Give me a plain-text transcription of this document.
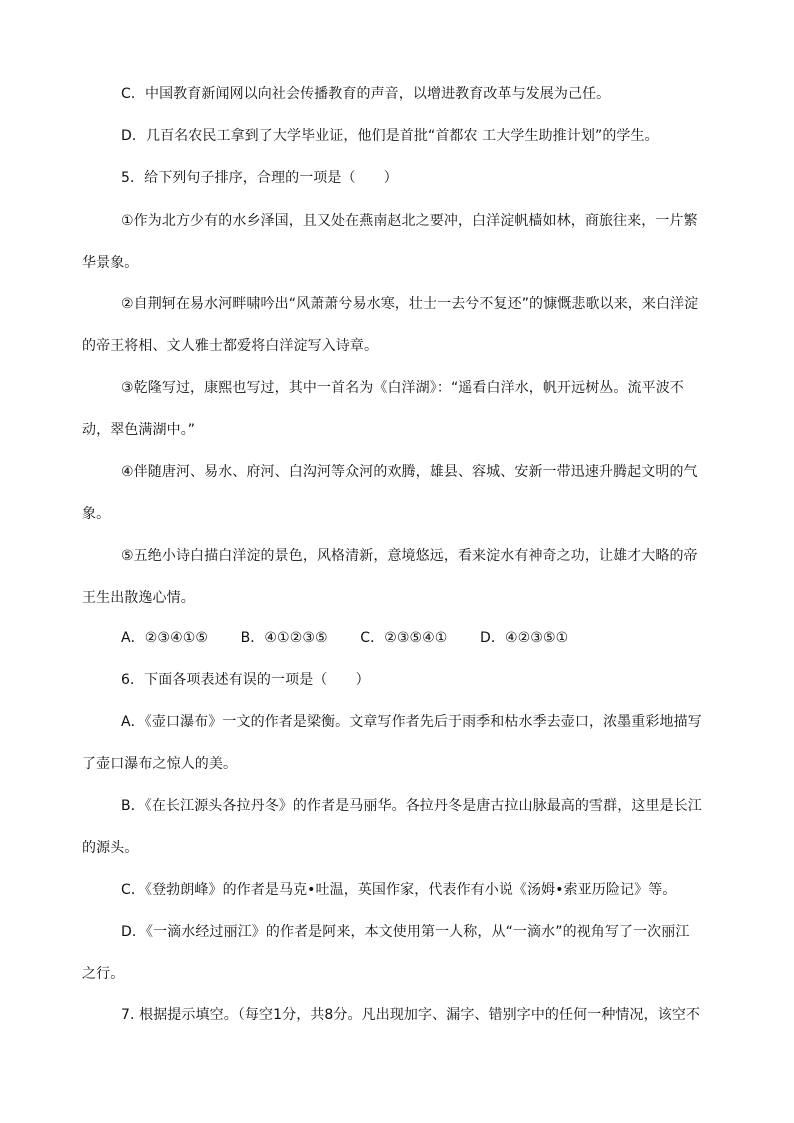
C．中国教育新闻网以向社会传播教育的声音，以增进教育改革与发展为己任。
D．几百名农民工拿到了大学毕业证，他们是首批“首都农 工大学生助推计划”的学生。
5．给下列句子排序，合理的一项是（　　）
①作为北方少有的水乡泽国，且又处在燕南赵北之要冲，白洋淀帆樯如林，商旅往来，一片繁
华景象。
②自荆轲在易水河畔啸吟出“风萧萧兮易水寒，壮士一去兮不复还”的慷慨悲歌以来，来白洋淀
的帝王将相、文人雅士都爱将白洋淀写入诗章。
③乾隆写过，康熙也写过，其中一首名为《白洋湖》：“遥看白洋水，帆开远树丛。流平波不
动，翠色满湖中。”
④伴随唐河、易水、府河、白沟河等众河的欢腾，雄县、容城、安新一带迅速升腾起文明的气
象。
⑤五绝小诗白描白洋淀的景色，风格清新，意境悠远，看来淀水有神奇之功，让雄才大略的帝
王生出散逸心情。
A．②③④①⑤ B．④①②③⑤ C．②③⑤④① D．④②③⑤①
6．下面各项表述有误的一项是（　　）
A．《壶口瀑布》一文的作者是梁衡。文章写作者先后于雨季和枯水季去壶口，浓墨重彩地描写
了壶口瀑布之惊人的美。
B．《在长江源头各拉丹冬》的作者是马丽华。各拉丹冬是唐古拉山脉最高的雪群，这里是长江
的源头。
C．《登勃朗峰》的作者是马克•吐温，英国作家，代表作有小说《汤姆•索亚历险记》等。
D．《一滴水经过丽江》的作者是阿来，本文使用第一人称，从“一滴水”的视角写了一次丽江
之行。
7. 根据提示填空。（每空1分，共8分。凡出现加字、漏字、错别字中的任何一种情况，该空不
